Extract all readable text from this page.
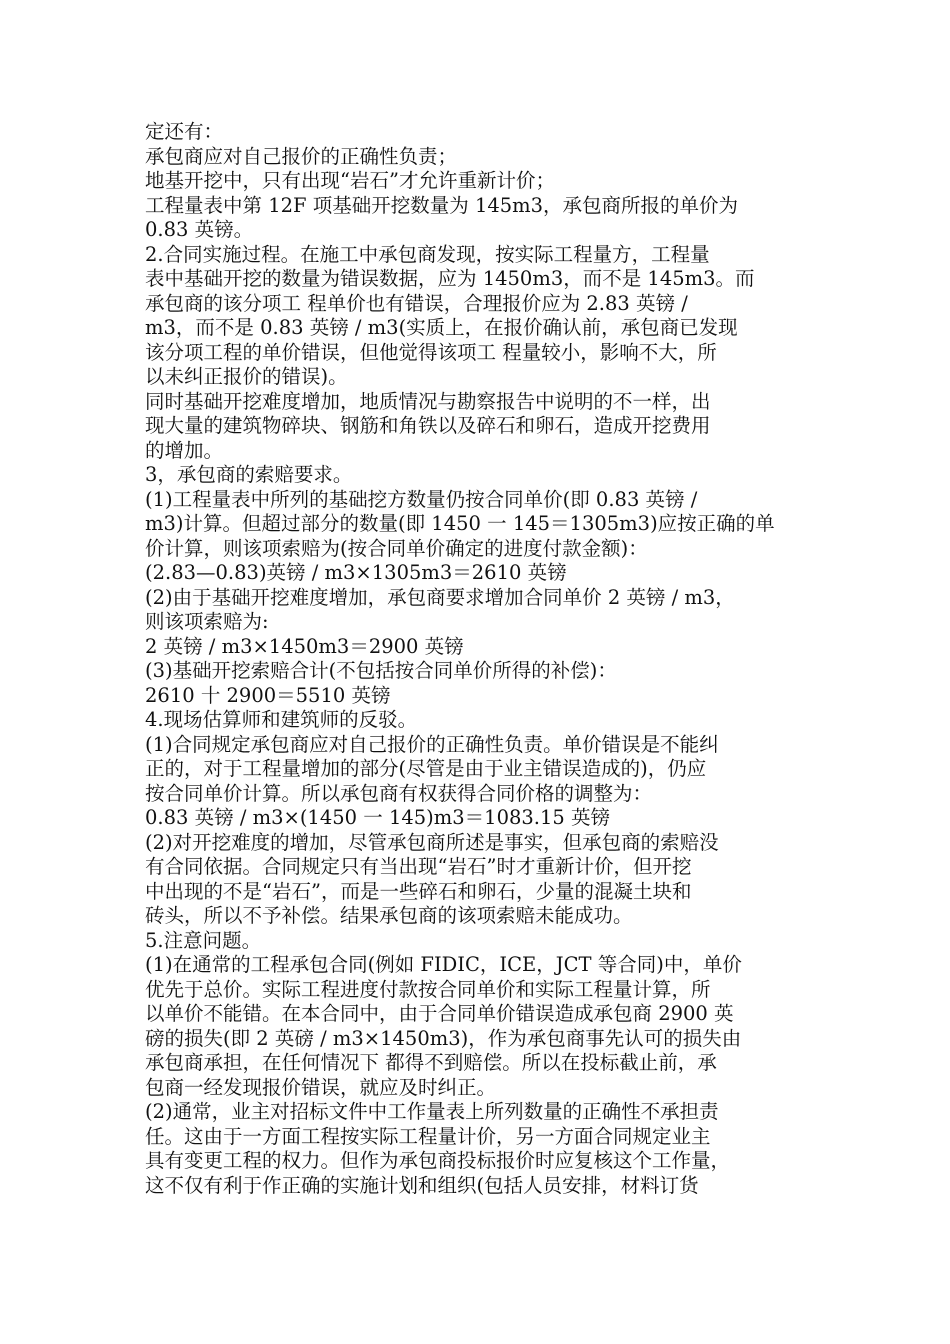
定还有：
承包商应对自己报价的正确性负责；
地基开挖中，只有出现“岩石”才允许重新计价；
工程量表中第 12F 项基础开挖数量为 145m3，承包商所报的单价为
0.83 英镑。
2.合同实施过程。在施工中承包商发现，按实际工程量方，工程量
表中基础开挖的数量为错误数据，应为 1450m3，而不是 145m3。而
承包商的该分项工 程单价也有错误，合理报价应为 2.83 英镑 /
m3，而不是 0.83 英镑 / m3(实质上，在报价确认前，承包商已发现
该分项工程的单价错误，但他觉得该项工 程量较小，影响不大，所
以未纠正报价的错误)。
同时基础开挖难度增加，地质情况与勘察报告中说明的不一样，出
现大量的建筑物碎块、钢筋和角铁以及碎石和卵石，造成开挖费用
的增加。
3，承包商的索赔要求。
(1)工程量表中所列的基础挖方数量仍按合同单价(即 0.83 英镑 /
m3)计算。但超过部分的数量(即 1450 一 145＝1305m3)应按正确的单
价计算，则该项索赔为(按合同单价确定的进度付款金额)：
(2.83—0.83)英镑 / m3×1305m3＝2610 英镑
(2)由于基础开挖难度增加，承包商要求增加合同单价 2 英镑 / m3，
则该项索赔为:
2 英镑 / m3×1450m3＝2900 英镑
(3)基础开挖索赔合计(不包括按合同单价所得的补偿)：
2610 十 2900＝5510 英镑
4.现场估算师和建筑师的反驳。
(1)合同规定承包商应对自己报价的正确性负责。单价错误是不能纠
正的，对于工程量增加的部分(尽管是由于业主错误造成的)，仍应
按合同单价计算。所以承包商有权获得合同价格的调整为：
0.83 英镑 / m3×(1450 一 145)m3＝1083.15 英镑
(2)对开挖难度的增加，尽管承包商所述是事实，但承包商的索赔没
有合同依据。合同规定只有当出现“岩石”时才重新计价，但开挖
中出现的不是“岩石”，而是一些碎石和卵石，少量的混凝土块和
砖头，所以不予补偿。结果承包商的该项索赔未能成功。
5.注意问题。
(1)在通常的工程承包合同(例如 FIDIC，ICE，JCT 等合同)中，单价
优先于总价。实际工程进度付款按合同单价和实际工程量计算，所
以单价不能错。在本合同中，由于合同单价错误造成承包商 2900 英
磅的损失(即 2 英磅 / m3×1450m3)，作为承包商事先认可的损失由
承包商承担，在任何情况下 都得不到赔偿。所以在投标截止前，承
包商一经发现报价错误，就应及时纠正。
(2)通常，业主对招标文件中工作量表上所列数量的正确性不承担责
任。这由于一方面工程按实际工程量计价，另一方面合同规定业主
具有变更工程的权力。但作为承包商投标报价时应复核这个工作量，
这不仅有利于作正确的实施计划和组织(包括人员安排，材料订货
